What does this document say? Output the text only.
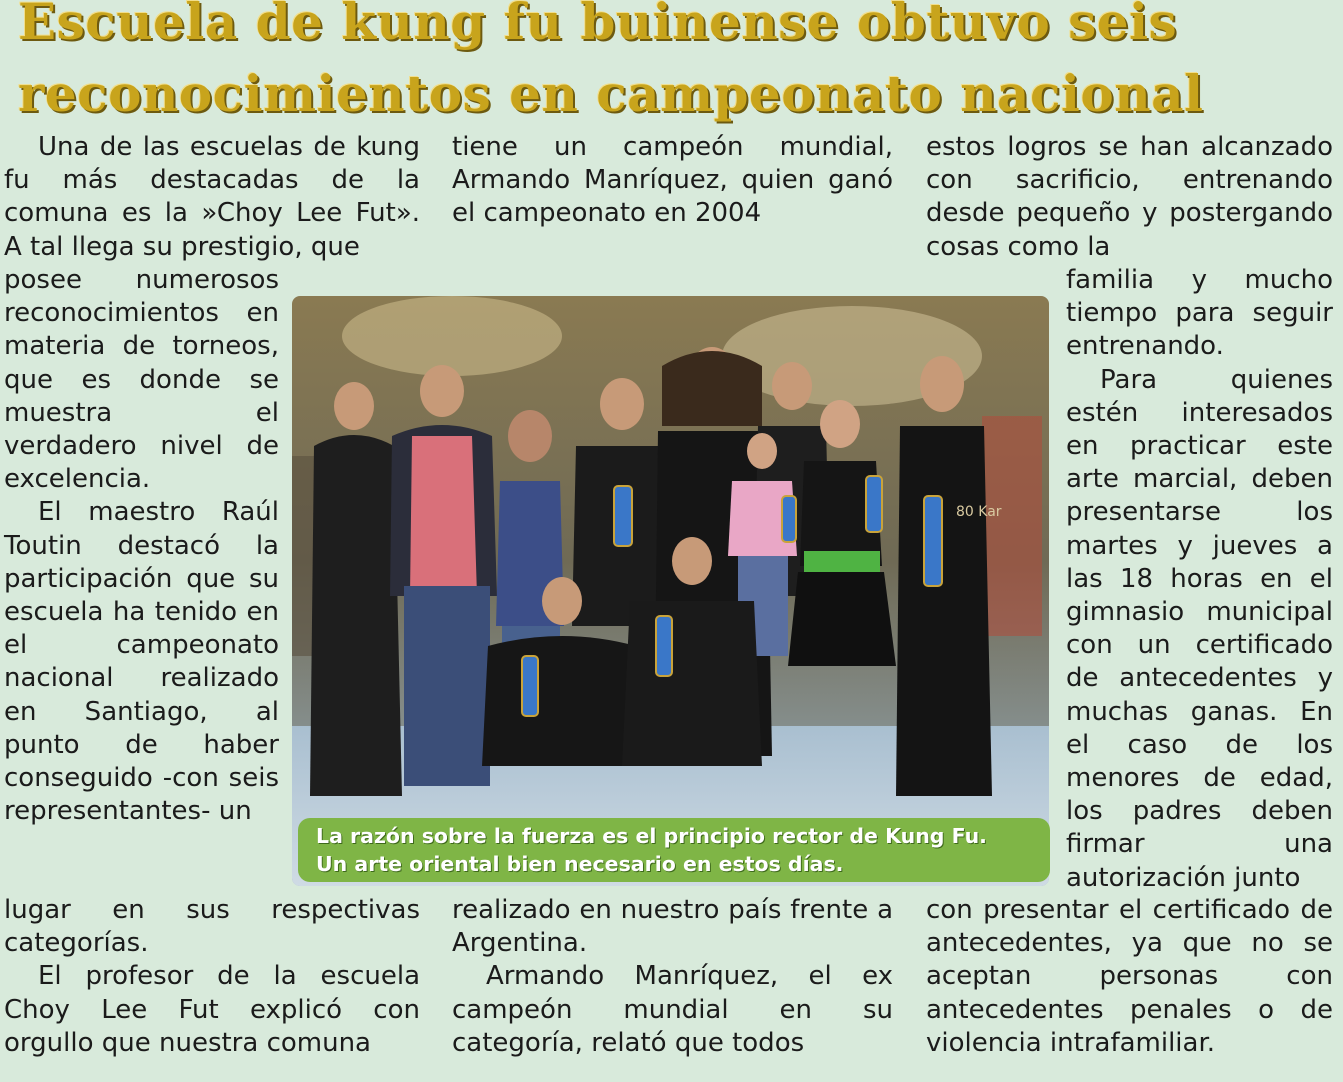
Escuela de kung fu buinense obtuvo seis
reconocimientos en campeonato nacional

Una de las escuelas de kung fu más destacadas de la comuna es la »Choy Lee Fut». A tal llega su prestigio, que

posee numerosos reconocimientos en materia de torneos, que es donde se muestra el verdadero nivel de excelencia.

El maestro Raúl Toutin destacó la participación que su escuela ha tenido en el campeonato nacional realizado en Santiago, al punto de haber conseguido -con seis representantes- un

lugar en sus respectivas categorías.

El profesor de la escuela Choy Lee Fut explicó con orgullo que nuestra comuna

tiene un campeón mundial, Armando Manríquez, quien ganó el campeonato en 2004

realizado en nuestro país frente a Argentina.

Armando Manríquez, el ex campeón mundial en su categoría, relató que todos

estos logros se han alcanzado con sacrificio, entrenando desde pequeño y postergando cosas como la

familia y mucho tiempo para seguir entrenando.

Para quienes estén interesados en practicar este arte marcial, deben presentarse los martes y jueves a las 18 horas en el gimnasio municipal con un certificado de antecedentes y muchas ganas. En el caso de los menores de edad, los padres deben firmar una autorización junto

con presentar el certificado de antecedentes, ya que no se aceptan personas con antecedentes penales o de violencia intrafamiliar.

80 Kar
La razón sobre la fuerza es el principio rector de Kung Fu.
Un arte oriental bien necesario en estos días.
